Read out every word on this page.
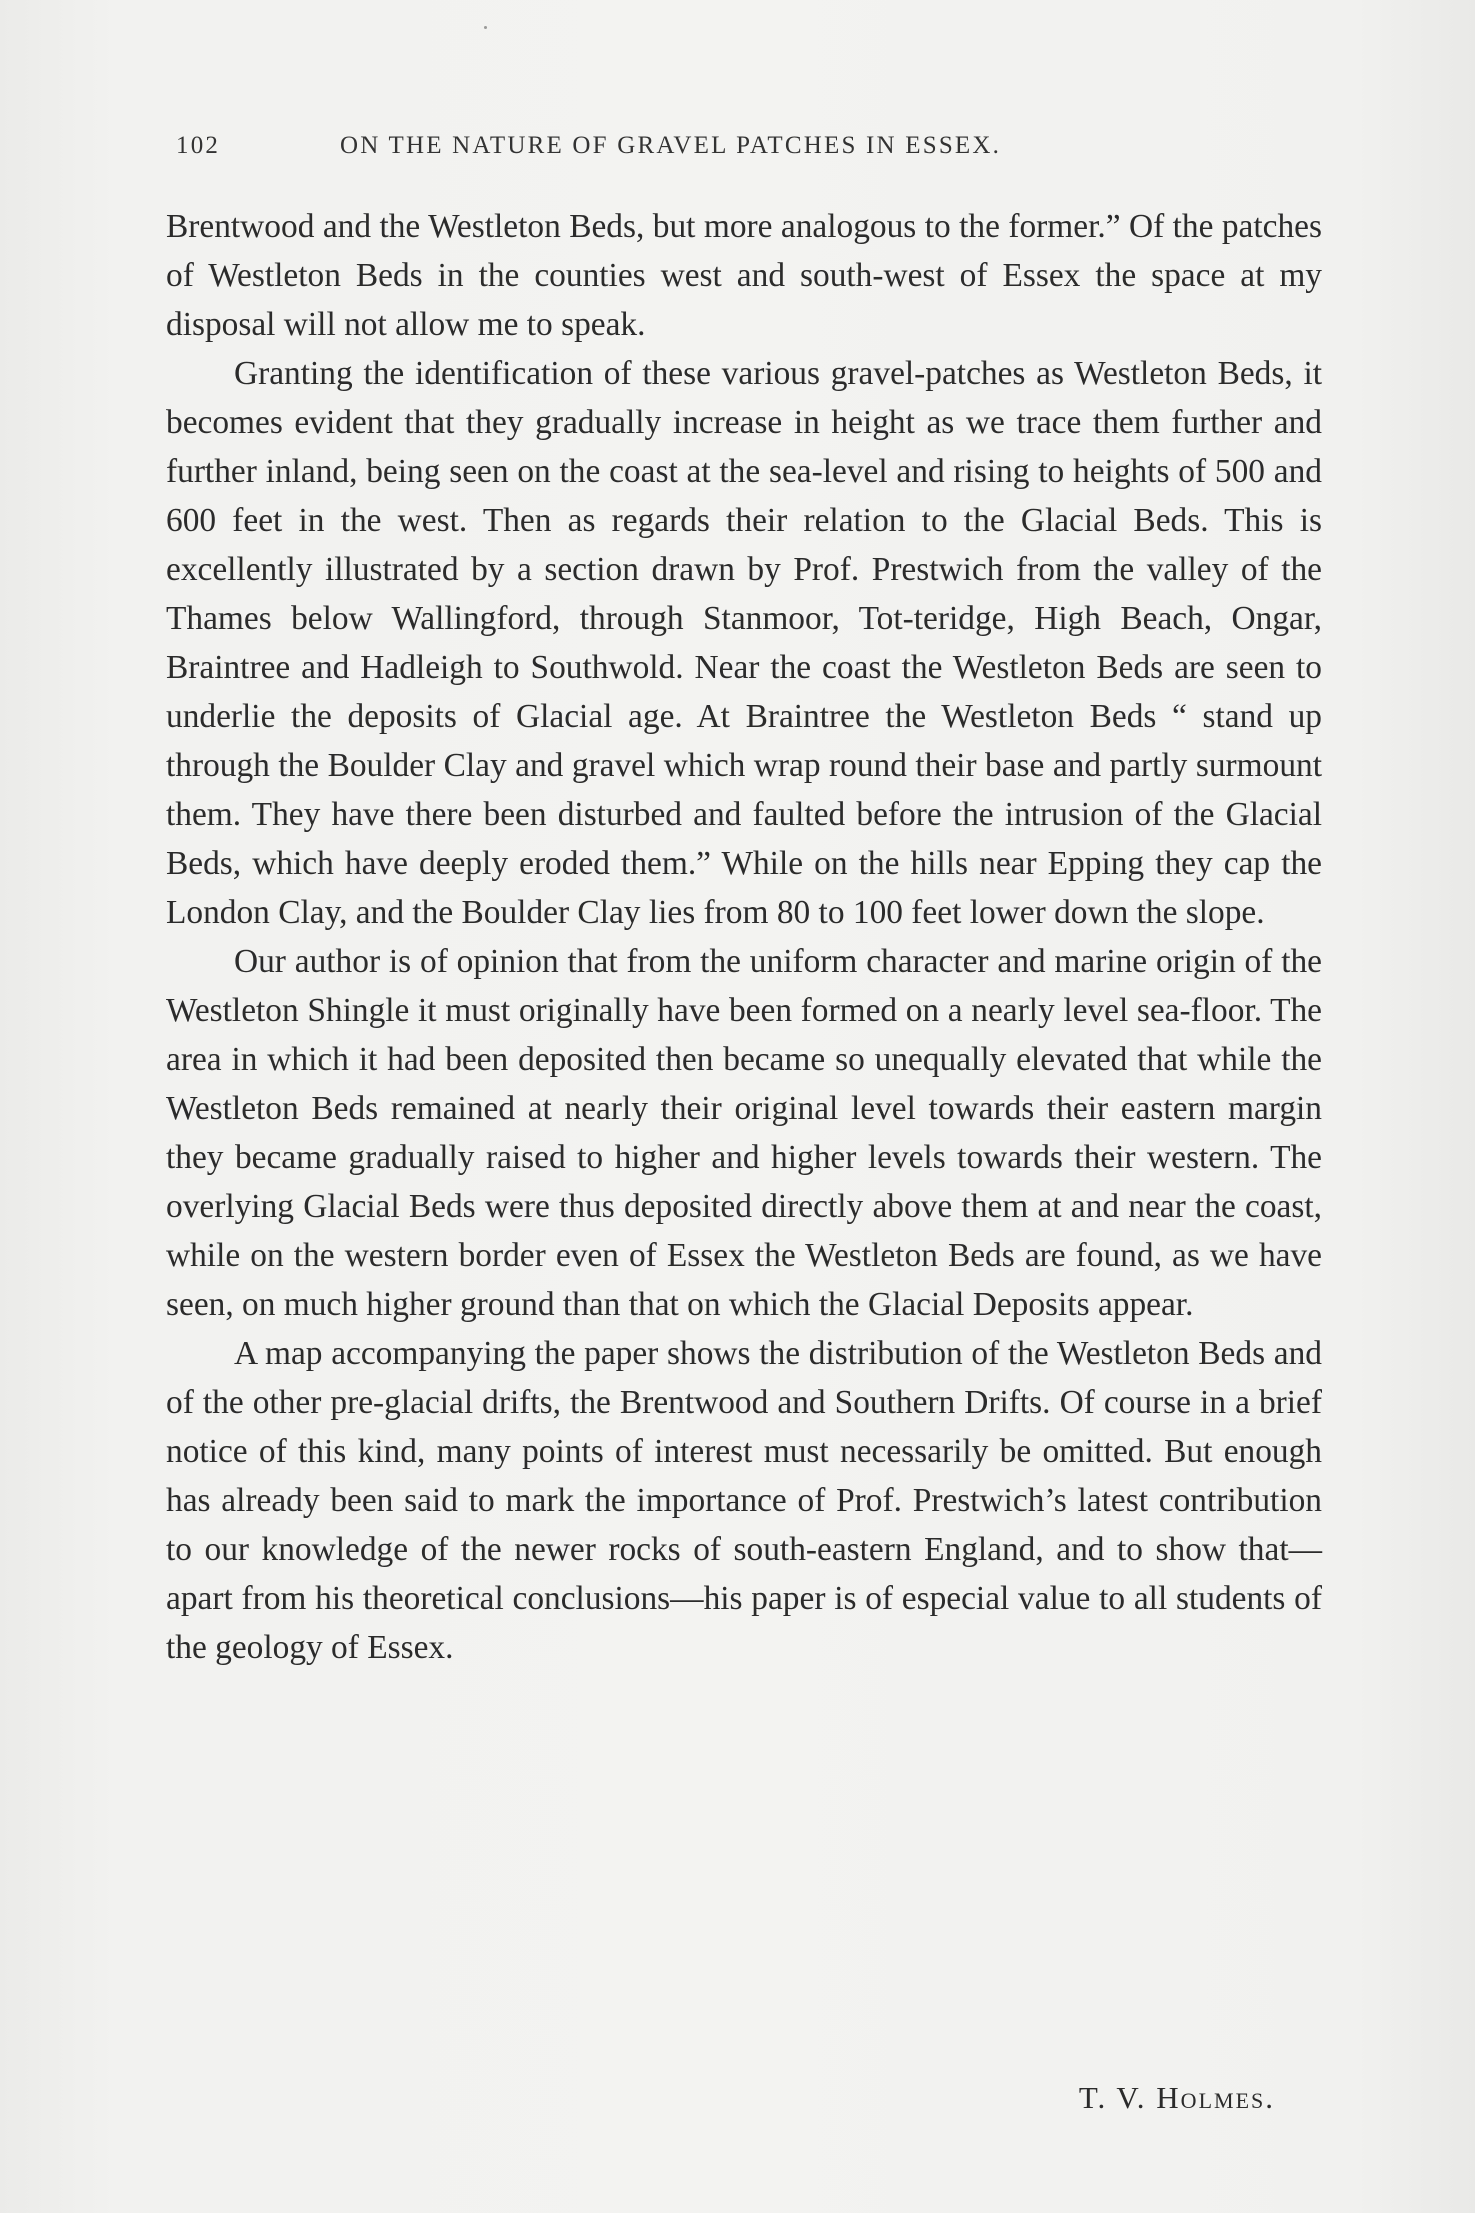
102	ON THE NATURE OF GRAVEL PATCHES IN ESSEX.

Brentwood and the Westleton Beds, but more analogous to the former.” Of the patches of Westleton Beds in the counties west and south-west of Essex the space at my disposal will not allow me to speak.

Granting the identification of these various gravel-patches as Westleton Beds, it becomes evident that they gradually increase in height as we trace them further and further inland, being seen on the coast at the sea-level and rising to heights of 500 and 600 feet in the west. Then as regards their relation to the Glacial Beds. This is excellently illustrated by a section drawn by Prof. Prestwich from the valley of the Thames below Wallingford, through Stanmoor, Tot-teridge, High Beach, Ongar, Braintree and Hadleigh to Southwold. Near the coast the Westleton Beds are seen to underlie the deposits of Glacial age. At Braintree the Westleton Beds “ stand up through the Boulder Clay and gravel which wrap round their base and partly surmount them. They have there been disturbed and faulted before the intrusion of the Glacial Beds, which have deeply eroded them.” While on the hills near Epping they cap the London Clay, and the Boulder Clay lies from 80 to 100 feet lower down the slope.

Our author is of opinion that from the uniform character and marine origin of the Westleton Shingle it must originally have been formed on a nearly level sea-floor. The area in which it had been deposited then became so unequally elevated that while the Westleton Beds remained at nearly their original level towards their eastern margin they became gradually raised to higher and higher levels towards their western. The overlying Glacial Beds were thus deposited directly above them at and near the coast, while on the western border even of Essex the Westleton Beds are found, as we have seen, on much higher ground than that on which the Glacial Deposits appear.

A map accompanying the paper shows the distribution of the Westleton Beds and of the other pre-glacial drifts, the Brentwood and Southern Drifts. Of course in a brief notice of this kind, many points of interest must necessarily be omitted. But enough has already been said to mark the importance of Prof. Prestwich’s latest contribution to our knowledge of the newer rocks of south-eastern England, and to show that—apart from his theoretical conclusions—his paper is of especial value to all students of the geology of Essex.

T. V. Holmes.
